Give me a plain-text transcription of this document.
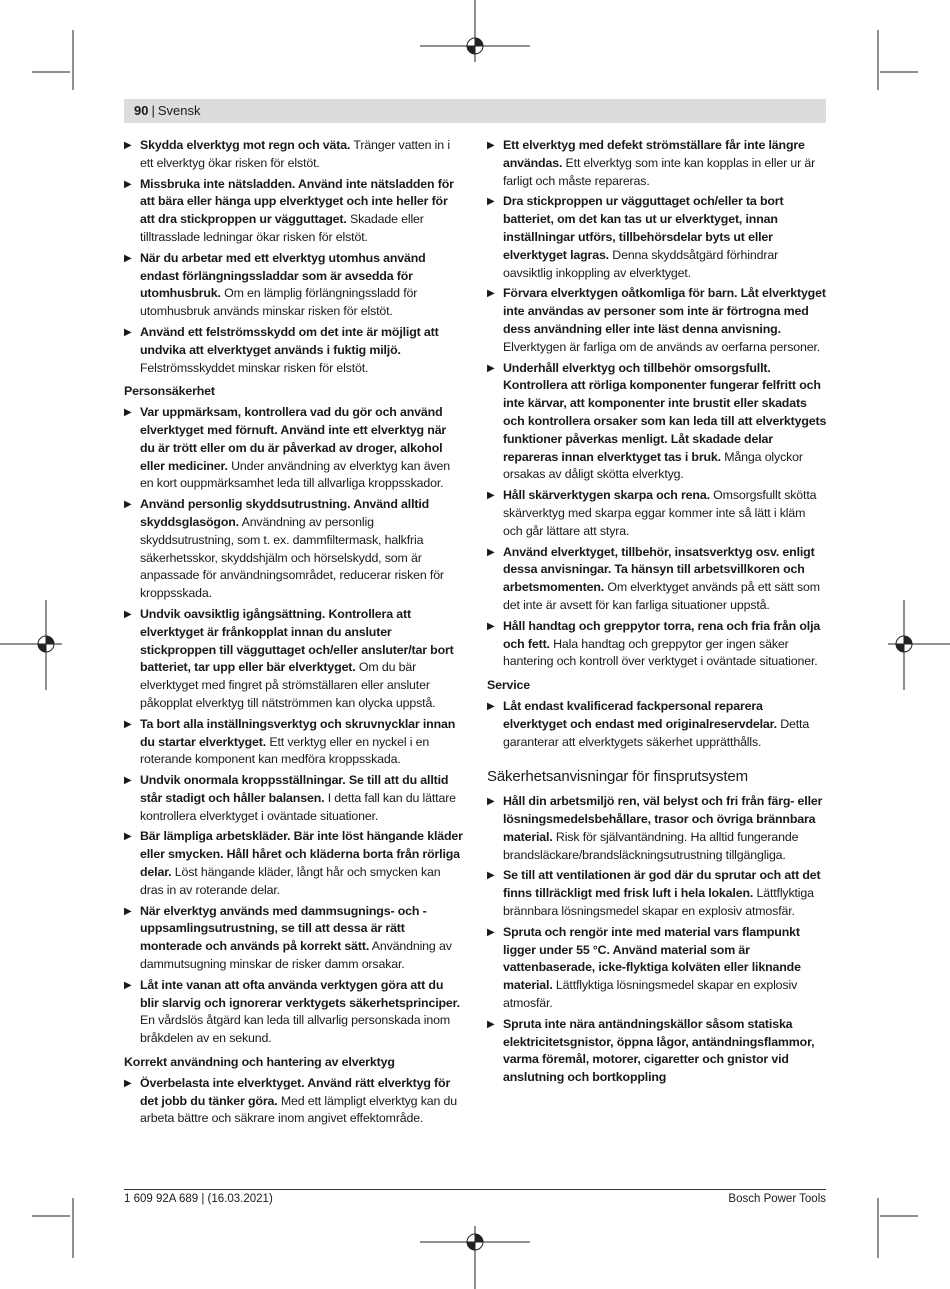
90 | Svensk
▶ Skydda elverktyg mot regn och väta. Tränger vatten in i ett elverktyg ökar risken för elstöt.
▶ Missbruka inte nätsladden. Använd inte nätsladden för att bära eller hänga upp elverktyget och inte heller för att dra stickproppen ur vägguttaget. Skadade eller tilltrasslade ledningar ökar risken för elstöt.
▶ När du arbetar med ett elverktyg utomhus använd endast förlängningssladdar som är avsedda för utomhusbruk. Om en lämplig förlängningssladd för utomhusbruk används minskar risken för elstöt.
▶ Använd ett felströmsskydd om det inte är möjligt att undvika att elverktyget används i fuktig miljö. Felströmsskyddet minskar risken för elstöt.
Personsäkerhet
▶ Var uppmärksam, kontrollera vad du gör och använd elverktyget med förnuft. Använd inte ett elverktyg när du är trött eller om du är påverkad av droger, alkohol eller mediciner. Under användning av elverktyg kan även en kort ouppmärksamhet leda till allvarliga kroppsskador.
▶ Använd personlig skyddsutrustning. Använd alltid skyddsglasögon. Användning av personlig skyddsutrustning, som t. ex. dammfiltermask, halkfria säkerhetsskor, skyddshjälm och hörselskydd, som är anpassade för användningsområdet, reducerar risken för kroppsskada.
▶ Undvik oavsiktlig igångsättning. Kontrollera att elverktyget är frånkopplat innan du ansluter stickproppen till vägguttaget och/eller ansluter/tar bort batteriet, tar upp eller bär elverktyget. Om du bär elverktyget med fingret på strömställaren eller ansluter påkopplat elverktyg till nätströmmen kan olycka uppstå.
▶ Ta bort alla inställningsverktyg och skruvnycklar innan du startar elverktyget. Ett verktyg eller en nyckel i en roterande komponent kan medföra kroppsskada.
▶ Undvik onormala kroppsställningar. Se till att du alltid står stadigt och håller balansen. I detta fall kan du lättare kontrollera elverktyget i oväntade situationer.
▶ Bär lämpliga arbetskläder. Bär inte löst hängande kläder eller smycken. Håll håret och kläderna borta från rörliga delar. Löst hängande kläder, långt hår och smycken kan dras in av roterande delar.
▶ När elverktyg används med dammsugnings- och -uppsamlingsutrustning, se till att dessa är rätt monterade och används på korrekt sätt. Användning av dammutsugning minskar de risker damm orsakar.
▶ Låt inte vanan att ofta använda verktygen göra att du blir slarvig och ignorerar verktygets säkerhetsprinciper. En vårdslös åtgärd kan leda till allvarlig personskada inom bråkdelen av en sekund.
Korrekt användning och hantering av elverktyg
▶ Överbelasta inte elverktyget. Använd rätt elverktyg för det jobb du tänker göra. Med ett lämpligt elverktyg kan du arbeta bättre och säkrare inom angivet effektområde.
▶ Ett elverktyg med defekt strömställare får inte längre användas. Ett elverktyg som inte kan kopplas in eller ur är farligt och måste repareras.
▶ Dra stickproppen ur vägguttaget och/eller ta bort batteriet, om det kan tas ut ur elverktyget, innan inställningar utförs, tillbehörsdelar byts ut eller elverktyget lagras. Denna skyddsåtgärd förhindrar oavsiktlig inkoppling av elverktyget.
▶ Förvara elverktygen oåtkomliga för barn. Låt elverktyget inte användas av personer som inte är förtrogna med dess användning eller inte läst denna anvisning. Elverktygen är farliga om de används av oerfarna personer.
▶ Underhåll elverktyg och tillbehör omsorgsfullt. Kontrollera att rörliga komponenter fungerar felfritt och inte kärvar, att komponenter inte brustit eller skadats och kontrollera orsaker som kan leda till att elverktygets funktioner påverkas menligt. Låt skadade delar repareras innan elverktyget tas i bruk. Många olyckor orsakas av dåligt skötta elverktyg.
▶ Håll skärverktygen skarpa och rena. Omsorgsfullt skötta skärverktyg med skarpa eggar kommer inte så lätt i kläm och går lättare att styra.
▶ Använd elverktyget, tillbehör, insatsverktyg osv. enligt dessa anvisningar. Ta hänsyn till arbetsvillkoren och arbetsmomenten. Om elverktyget används på ett sätt som det inte är avsett för kan farliga situationer uppstå.
▶ Håll handtag och greppytor torra, rena och fria från olja och fett. Hala handtag och greppytor ger ingen säker hantering och kontroll över verktyget i oväntade situationer.
Service
▶ Låt endast kvalificerad fackpersonal reparera elverktyget och endast med originalreservdelar. Detta garanterar att elverktygets säkerhet upprätthålls.
Säkerhetsanvisningar för finsprutsystem
▶ Håll din arbetsmiljö ren, väl belyst och fri från färg- eller lösningsmedelsbehållare, trasor och övriga brännbara material. Risk för självantändning. Ha alltid fungerande brandsläckare/brandsläckningsutrustning tillgängliga.
▶ Se till att ventilationen är god där du sprutar och att det finns tillräckligt med frisk luft i hela lokalen. Lättflyktiga brännbara lösningsmedel skapar en explosiv atmosfär.
▶ Spruta och rengör inte med material vars flampunkt ligger under 55 °C. Använd material som är vattenbaserade, icke-flyktiga kolväten eller liknande material. Lättflyktiga lösningsmedel skapar en explosiv atmosfär.
▶ Spruta inte nära antändningskällor såsom statiska elektricitetsgnistor, öppna lågor, antändningsflammor, varma föremål, motorer, cigaretter och gnistor vid anslutning och bortkoppling
1 609 92A 689 | (16.03.2021)	Bosch Power Tools
